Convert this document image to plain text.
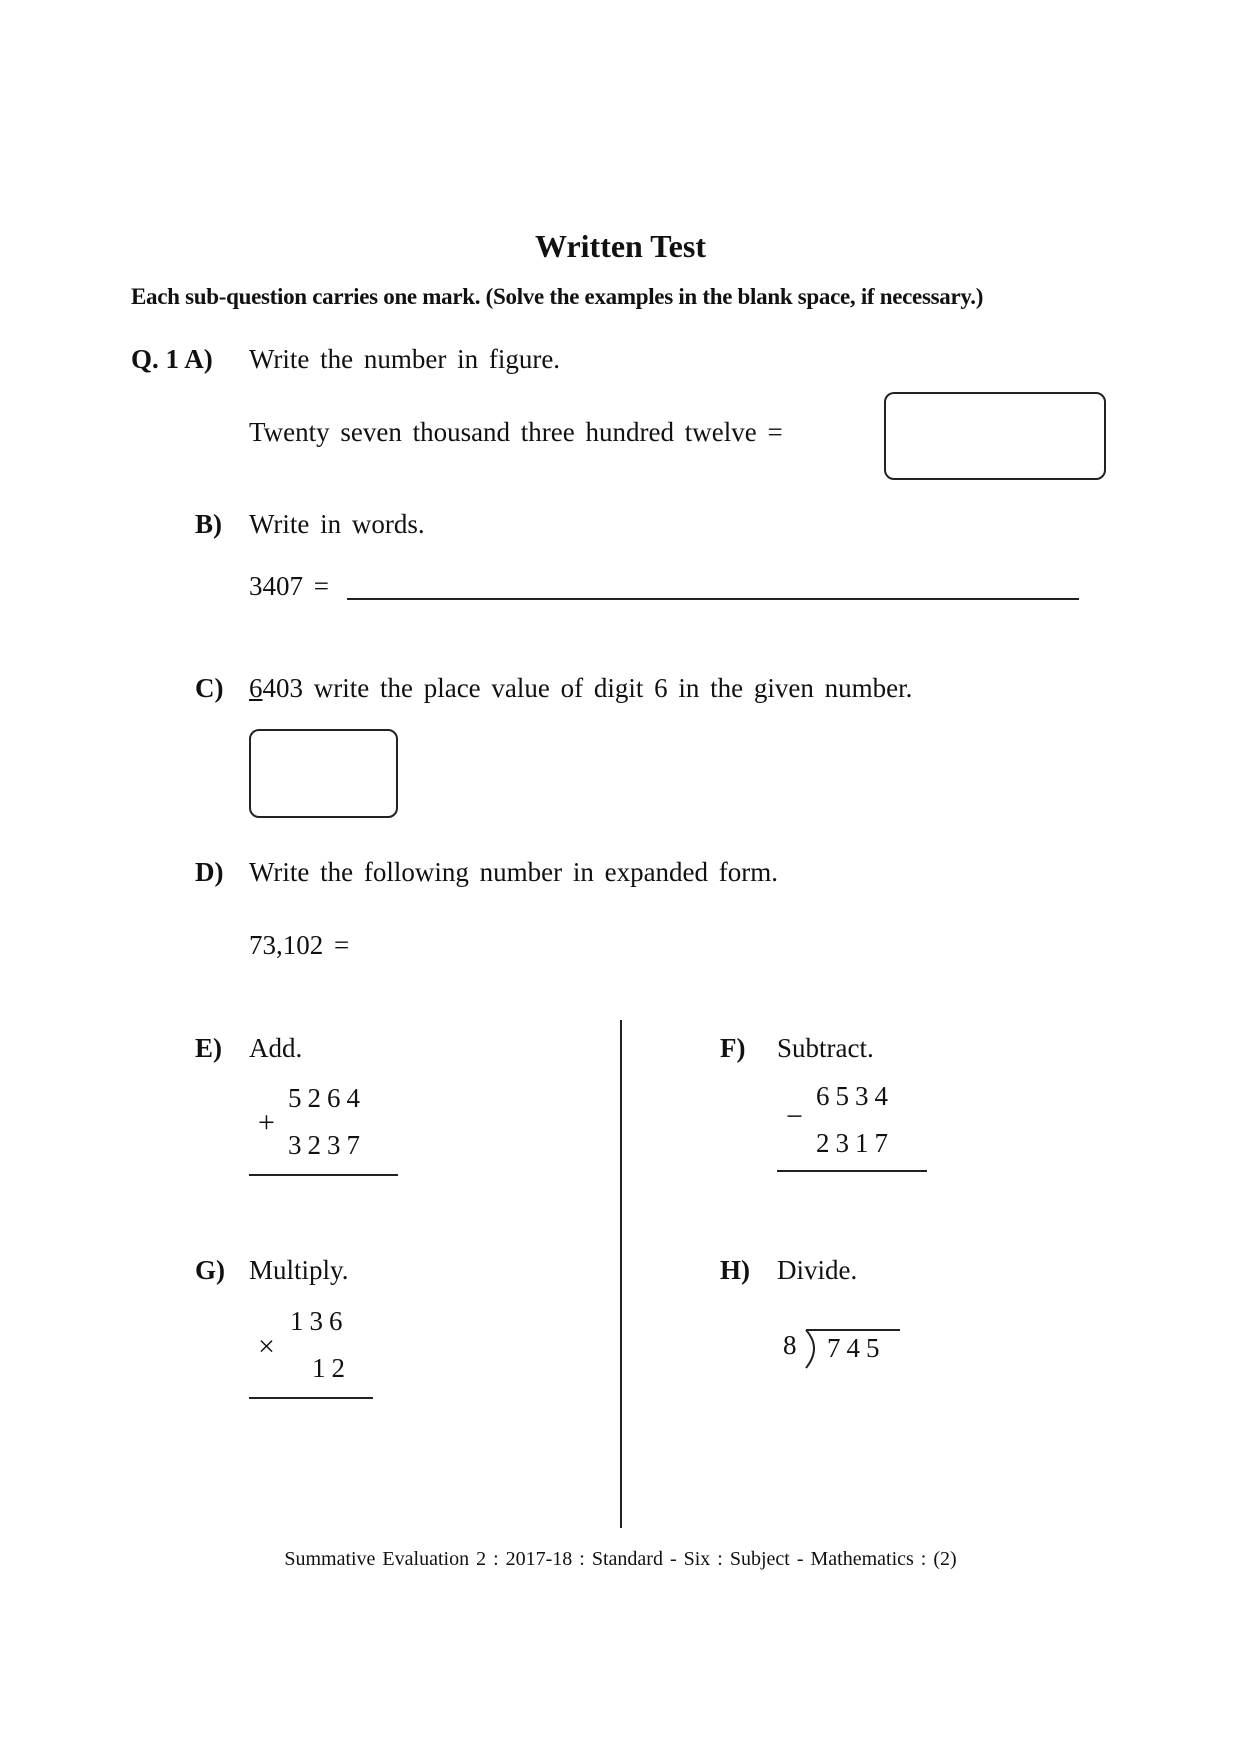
Written Test
Each sub-question carries one mark. (Solve the examples in the blank space, if necessary.)
Q. 1 A) Write the number in figure.
Twenty seven thousand three hundred twelve =
B) Write in words.
3407 =
C) 6403 write the place value of digit 6 in the given number.
D) Write the following number in expanded form.
73,102 =
E) Add.
5264
+
3237
F) Subtract.
6534
−
2317
G) Multiply.
136
×
12
H) Divide.
8 745
Summative Evaluation 2 : 2017-18 : Standard - Six : Subject - Mathematics : (2)
